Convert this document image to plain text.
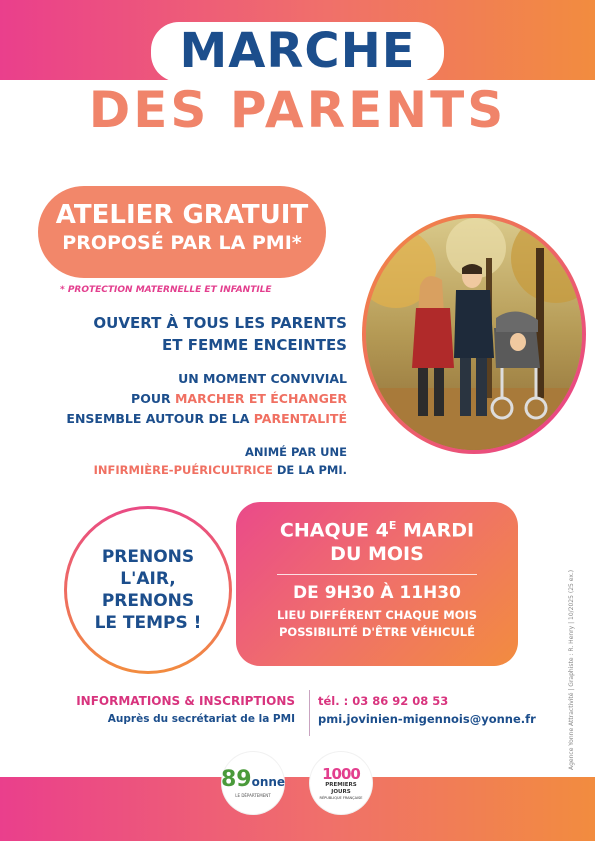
MARCHE
DES PARENTS
ATELIER GRATUIT
PROPOSÉ PAR LA PMI*
* PROTECTION MATERNELLE ET INFANTILE
OUVERT À TOUS LES PARENTS
ET FEMME ENCEINTES
UN MOMENT CONVIVIAL
POUR MARCHER ET ÉCHANGER
ENSEMBLE AUTOUR DE LA PARENTALITÉ
ANIMÉ PAR UNE
INFIRMIÈRE-PUÉRICULTRICE DE LA PMI.
PRENONS
L'AIR,
PRENONS
LE TEMPS !
CHAQUE $4^E$ MARDI
DU MOIS
DE 9H30 À 11H30
LIEU DIFFÉRENT CHAQUE MOIS
POSSIBILITÉ D'ÊTRE VÉHICULÉ
INFORMATIONS & INSCRIPTIONS
Auprès du secrétariat de la PMI
tél. : 03 86 92 08 53
pmi.jovinien-migennois@yonne.fr	Agence Yonne Attractivité | Graphiste : R. Henry | 10/2025 (25 ex.)
89onne
LE DÉPARTEMENT
1000
PREMIERS
JOURS
RÉPUBLIQUE FRANÇAISE
